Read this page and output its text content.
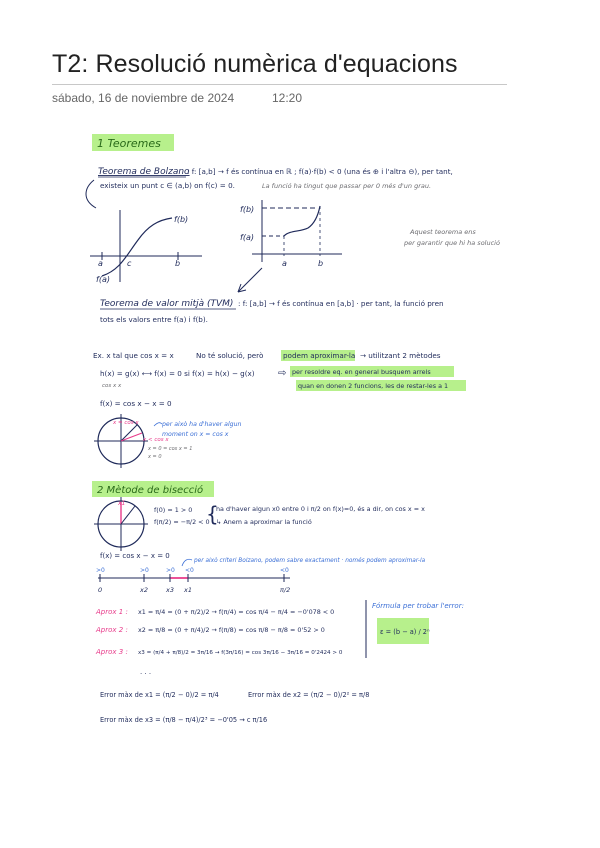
T2: Resolució numèrica d'equacions
sábado, 16 de noviembre de 2024	12:20
1 Teoremes
Teorema de Bolzano
: f: [a,b] → f és contínua en ℝ ; f(a)·f(b) < 0 (una és ⊕ i l'altra ⊖), per tant,
existeix un punt c ∈ (a,b) on f(c) = 0.	La funció ha tingut que passar per 0 més d'un grau.
f(b)
a	c	b
f(a)
f(b)
f(a)
a	b
Aquest teorema ens
per garantir que hi ha solució
Teorema de valor mitjà (TVM) : f: [a,b] → f és contínua en [a,b] · per tant, la funció pren
tots els valors entre f(a) i f(b).
Ex. x tal que cos x = x	No té solució, però	podem aproximar-la → utilitzant 2 mètodes
h(x) = g(x) ⟷ f(x) = 0 si f(x) = h(x) − g(x)
cos x x
⇨ per resoldre eq. en general busquem arrels
quan en donen 2 funcions, les de restar-les a 1
f(x) = cos x − x = 0
x = cos x
x < cos x
x = 0 = cos x = 1
x = 0
per això ha d'haver algun
moment on x = cos x
2 Mètode de bisecció
x1
f(0) = 1 > 0
f(π/2) = −π/2 < 0
{
ha d'haver algun x0 entre 0 i π/2 on f(x)=0, és a dir, on cos x = x
↳ Anem a aproximar la funció
f(x) = cos x − x = 0
per això criteri Bolzano, podem sabre exactament · només podem aproximar-la
>0	>0	>0 <0	<0
0	x2	x3 x1	π/2
Aprox 1 : x1 = π/4 = (0 + π/2)/2 → f(π/4) = cos π/4 − π/4 = −0'078 < 0
Aprox 2 : x2 = π/8 = (0 + π/4)/2 → f(π/8) = cos π/8 − π/8 = 0'52 > 0
Aprox 3 : x3 = (π/4 + π/8)/2 = 3π/16 → f(3π/16) = cos 3π/16 − 3π/16 = 0'2424 > 0
· · ·
Fórmula per trobar l'error:
ε = (b − a) / 2ⁿ
Error màx de x1 = (π/2 − 0)/2 = π/4	Error màx de x2 = (π/2 − 0)/2² = π/8
Error màx de x3 = (π/8 − π/4)/2³ = −0'05 → c π/16
